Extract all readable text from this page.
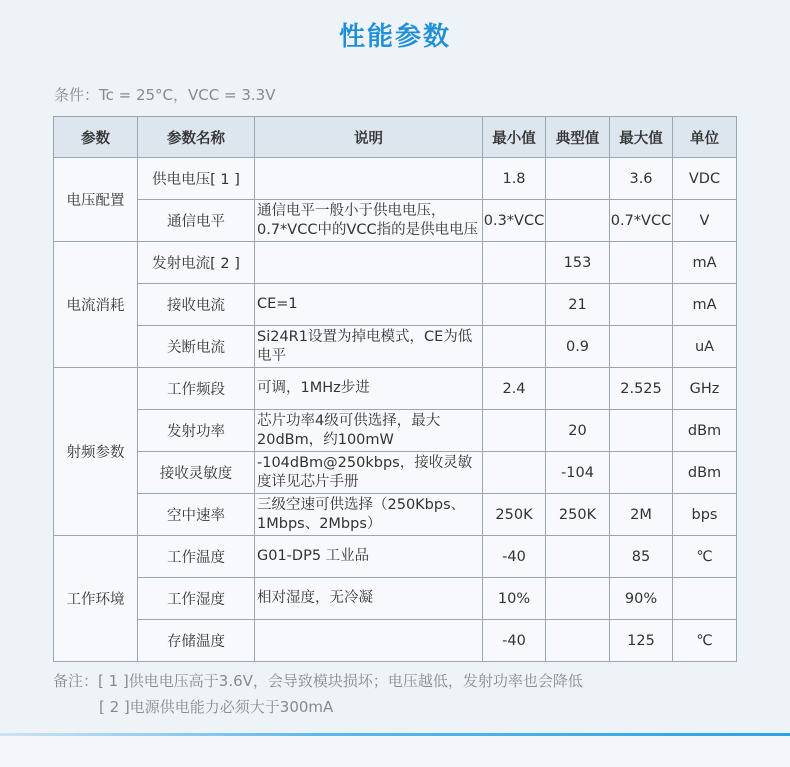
性能参数
条件：Tc = 25°C，VCC = 3.3V
参数	参数名称	说明	最小值	典型值	最大值	单位
电压配置	供电电压[ 1 ]		1.8		3.6	VDC
	通信电平	通信电平一般小于供电电压，0.7*VCC中的VCC指的是供电电压	0.3*VCC		0.7*VCC	V
电流消耗	发射电流[ 2 ]			153		mA
	接收电流	CE=1		21		mA
	关断电流	Si24R1设置为掉电模式，CE为低电平		0.9		uA
射频参数	工作频段	可调，1MHz步进	2.4		2.525	GHz
	发射功率	芯片功率4级可供选择，最大20dBm，约100mW		20		dBm
	接收灵敏度	-104dBm@250kbps，接收灵敏度详见芯片手册		-104		dBm
	空中速率	三级空速可供选择（250Kbps、1Mbps、2Mbps）	250K	250K	2M	bps
工作环境	工作温度	G01-DP5 工业品	-40		85	℃
	工作湿度	相对湿度，无冷凝	10%		90%	
	存储温度		-40		125	℃
备注：[ 1 ]供电电压高于3.6V，会导致模块损坏；电压越低，发射功率也会降低
[ 2 ]电源供电能力必须大于300mA
